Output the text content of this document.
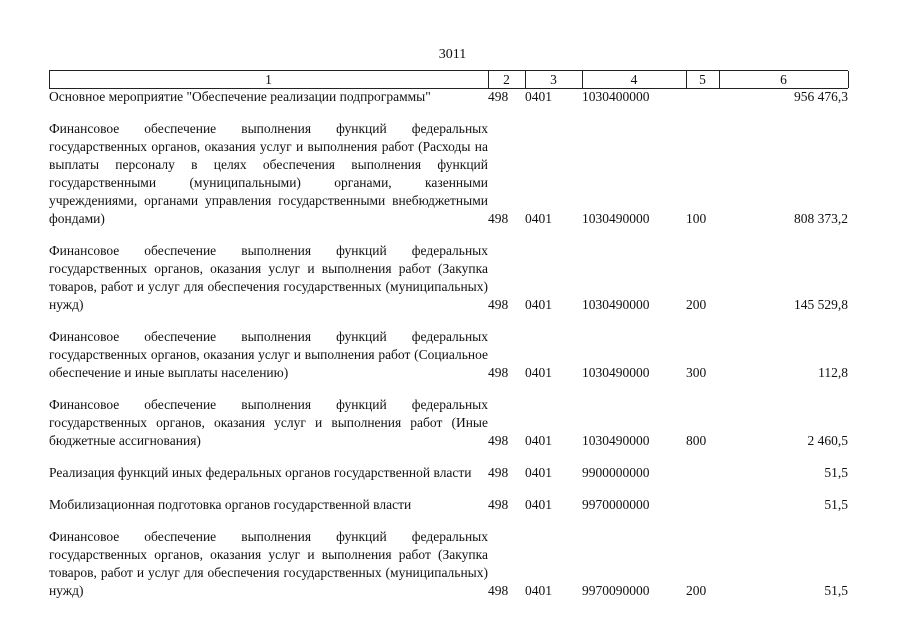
3011
1	2	3	4	5	6
Основное мероприятие "Обеспечение реализации подпрограммы"	498	0401	1030400000		956 476,3
Финансовое обеспечение выполнения функций федеральных государственных органов, оказания услуг и выполнения работ (Расходы на выплаты персоналу в целях обеспечения выполнения функций государственными (муниципальными) органами, казенными учреждениями, органами управления государственными внебюджетными фондами)	498	0401	1030490000	100	808 373,2
Финансовое обеспечение выполнения функций федеральных государственных органов, оказания услуг и выполнения работ (Закупка товаров, работ и услуг для обеспечения государственных (муниципальных) нужд)	498	0401	1030490000	200	145 529,8
Финансовое обеспечение выполнения функций федеральных государственных органов, оказания услуг и выполнения работ (Социальное обеспечение и иные выплаты населению)	498	0401	1030490000	300	112,8
Финансовое обеспечение выполнения функций федеральных государственных органов, оказания услуг и выполнения работ (Иные бюджетные ассигнования)	498	0401	1030490000	800	2 460,5
Реализация функций иных федеральных органов государственной власти	498	0401	9900000000		51,5
Мобилизационная подготовка органов государственной власти	498	0401	9970000000		51,5
Финансовое обеспечение выполнения функций федеральных государственных органов, оказания услуг и выполнения работ (Закупка товаров, работ и услуг для обеспечения государственных (муниципальных) нужд)	498	0401	9970090000	200	51,5
